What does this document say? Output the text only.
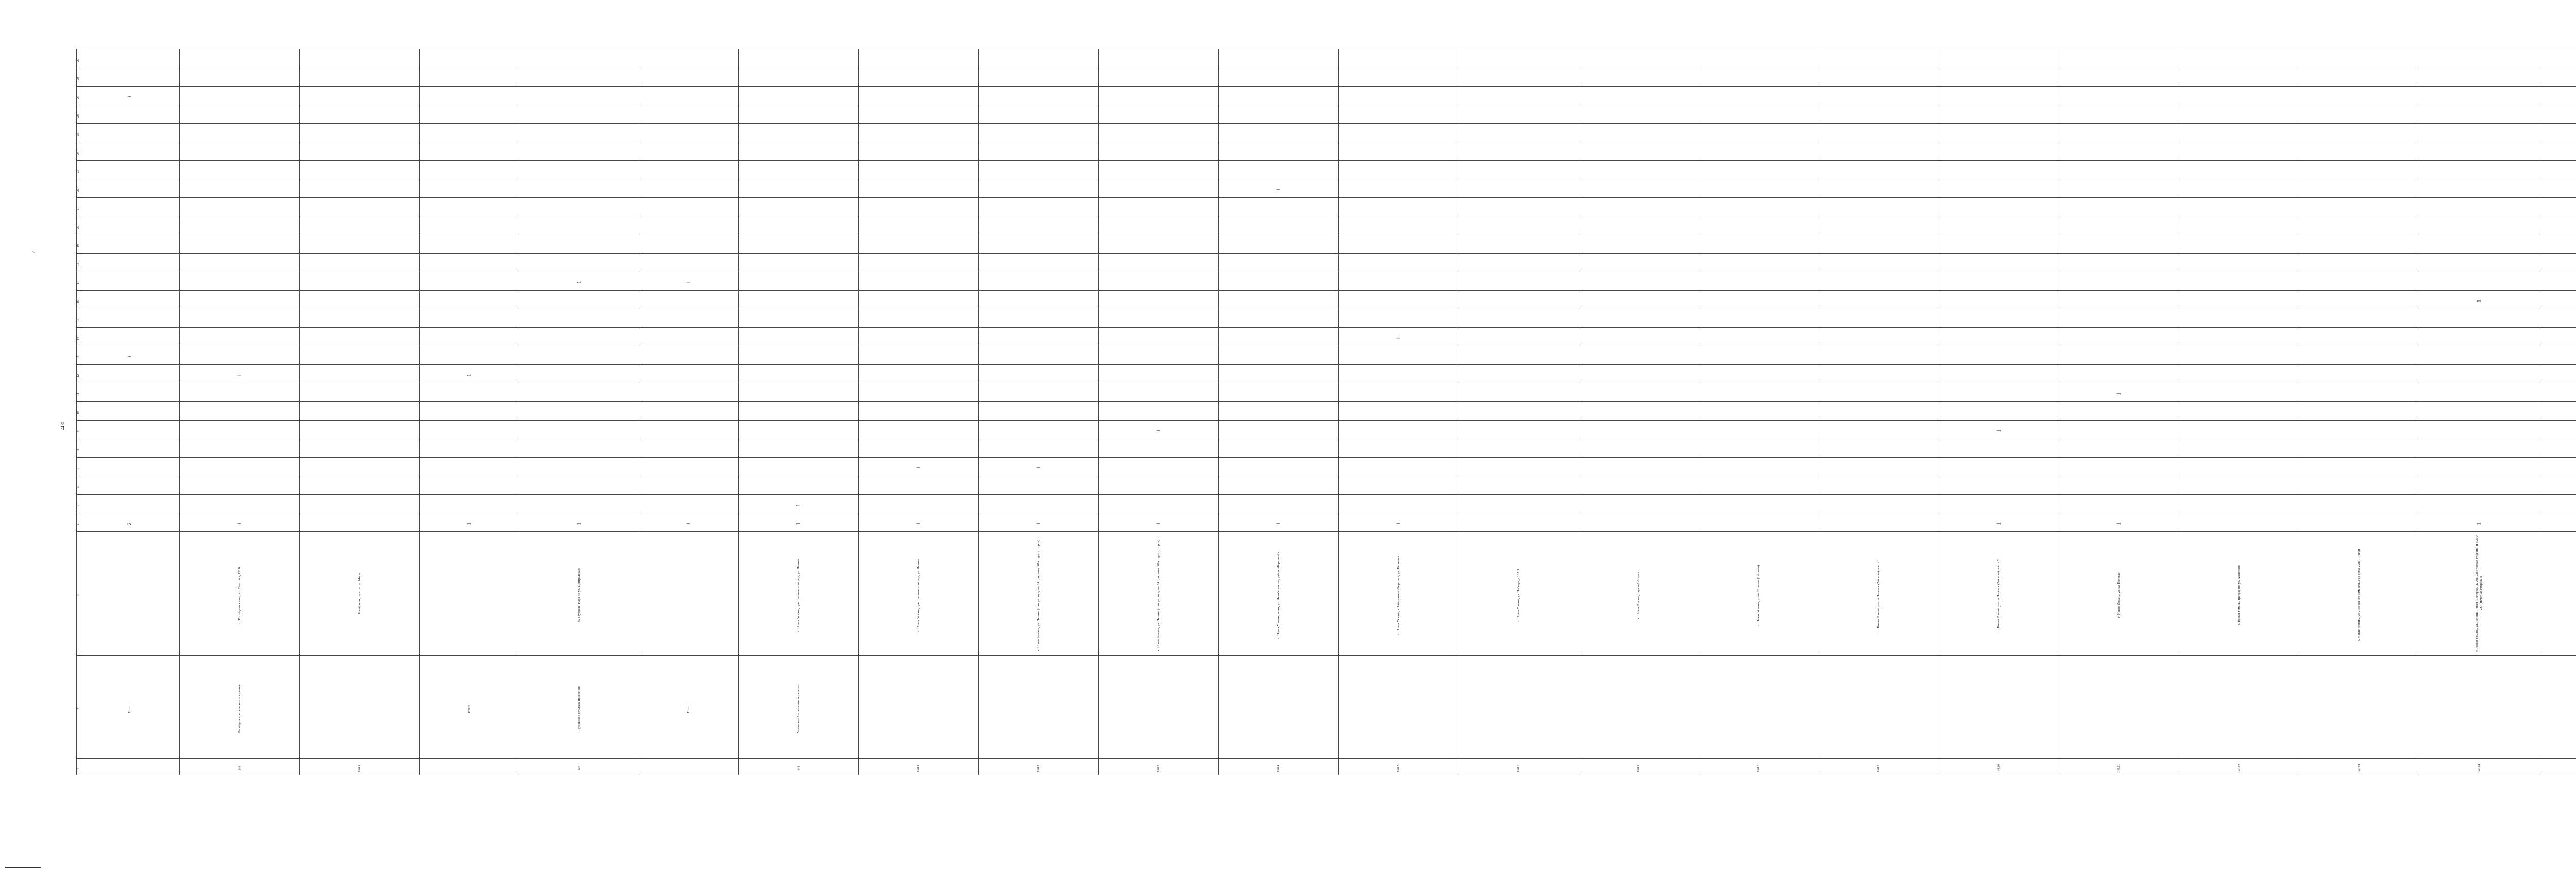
400
29																																	
28																																	
27	1																																
26																																	
25																																	
24																																	
23																																	
22											1																						
21																																	
20																																	
19																																	
18																																	
17					1	1																											
16																					1												
15																																	
14												1																					
13	1																																
12		1		1																													
11																		1															
10																																	
9										1							1																
8																																	
7								1	1																								
6																																	
5							1																										
4	2	1		1	1	1	1	1	1	1	1	1					1	1			1												
3		с. Рогнёдино, сквер, ул. Спартака, 121Б	с. Рогнёдино, парк по ул. Мира		п. Трудовое, парк по ул. Центральная		с. Новая Усмань, центральная площадь, ул. Ленина	с. Новая Усмань, центральная площадь, ул. Ленина	с. Новая Усмань, ул. Ленина (тротуар от дома 241 до дома 309а с двух сторон)	с. Новая Усмань, ул. Ленина (тротуар от дома 241 до дома 309а с двух сторон)	с. Новая Усмань, пляж, ул. Левобережная, район «Березка-2»	с. Новая Усмань, «Набережная «Березка», ул. Песочная	с. Новая Усмань, ул. Победы, д.18А/1	с. Новая Усмань, парк «Дубрава»	с. Новая Усмань, улица Полевая (1-й этап)	с. Новая Усмань, улица Полевая (2-й этап), часть 1	с. Новая Усмань, улица Полевая (2-й этап), часть 2	с. Новая Усмань, улица Полевая	с. Новая Усмань, тротуар по ул. Алмазная	с. Новая Усмань, ул. Ленина (от дома 80в/2 до дома 228а), 1 этап	с. Новая Усмань, ул. Ленина 1 этап (1 очередь д. 206-228 (четная сторона) и д.219-237 (нечетная сторона))												
2	Итого	Рогнёдинское сельское поселение		Итого	Трудовское сельское поселение	Итого	Усманское 1-е сельское поселение																										
1		146	146.1		147		148	148.1	148.2	148.3	148.4	148.5	148.6	148.7	148.8	148.9	148.10	148.11	148.12	148.13	148.14												
